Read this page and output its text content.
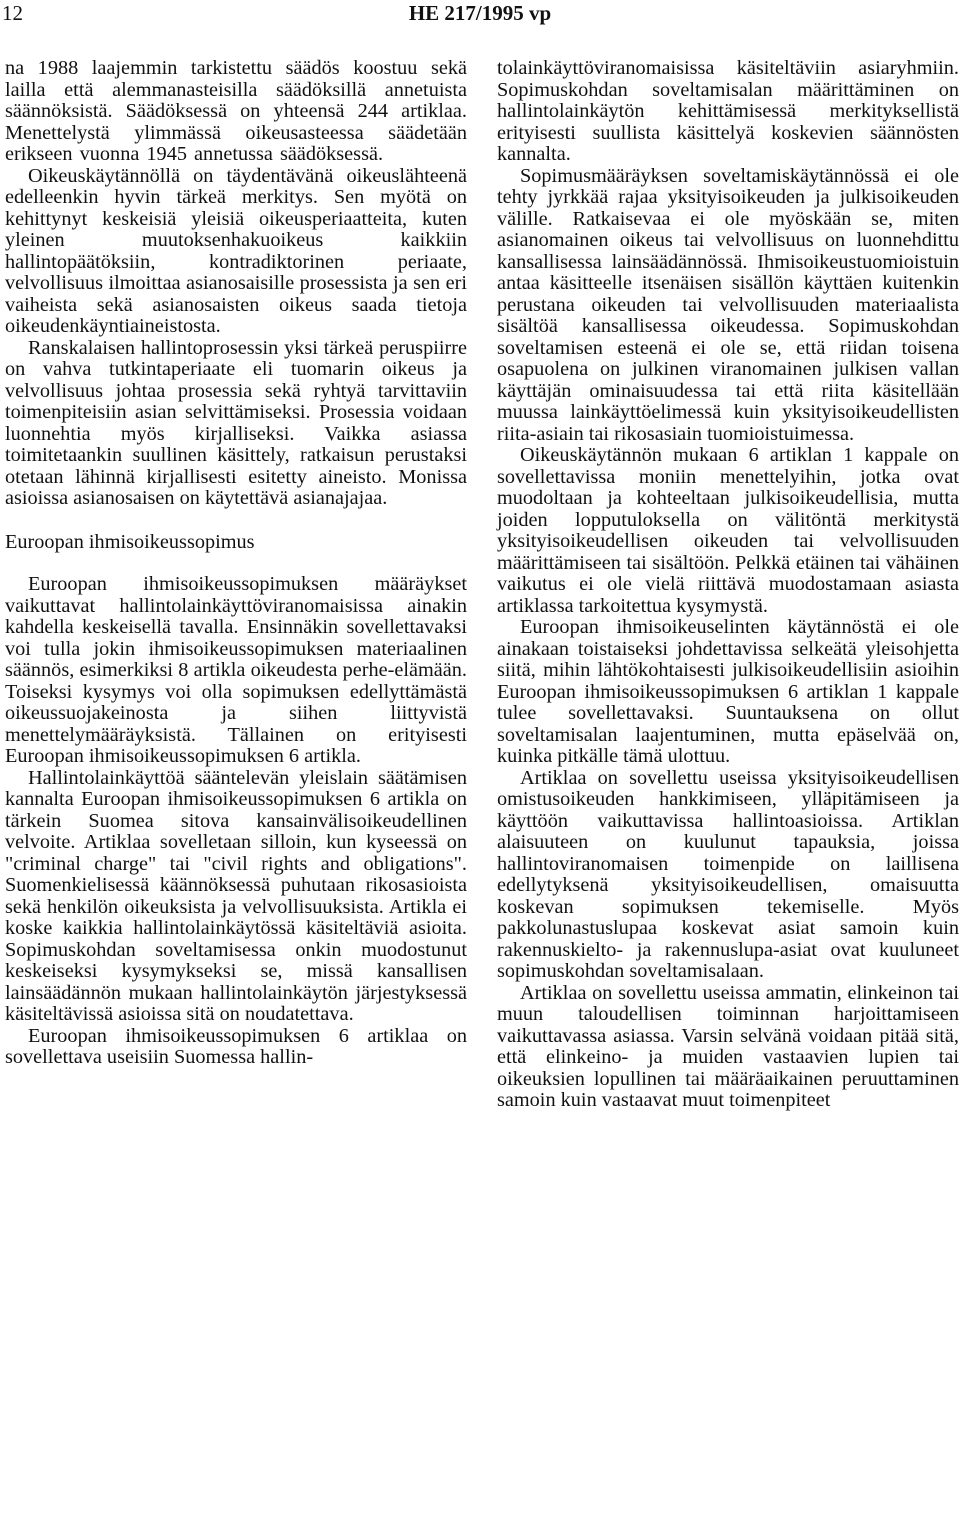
12	HE 217/1995 vp

na 1988 laajemmin tarkistettu säädös koostuu sekä lailla että alemmanasteisilla säädöksillä annetuista säännöksistä. Säädöksessä on yhteensä 244 artiklaa. Menettelystä ylimmässä oikeusasteessa säädetään erikseen vuonna 1945 annetussa säädöksessä.

Oikeuskäytännöllä on täydentävänä oikeuslähteenä edelleenkin hyvin tärkeä merkitys. Sen myötä on kehittynyt keskeisiä yleisiä oikeusperiaatteita, kuten yleinen muutoksenhakuoikeus kaikkiin hallintopäätöksiin, kontradiktorinen periaate, velvollisuus ilmoittaa asianosaisille prosessista ja sen eri vaiheista sekä asianosaisten oikeus saada tietoja oikeudenkäyntiaineistosta.

Ranskalaisen hallintoprosessin yksi tärkeä peruspiirre on vahva tutkintaperiaate eli tuomarin oikeus ja velvollisuus johtaa prosessia sekä ryhtyä tarvittaviin toimenpiteisiin asian selvittämiseksi. Prosessia voidaan luonnehtia myös kirjalliseksi. Vaikka asiassa toimitetaankin suullinen käsittely, ratkaisun perustaksi otetaan lähinnä kirjallisesti esitetty aineisto. Monissa asioissa asianosaisen on käytettävä asianajajaa.

Euroopan ihmisoikeussopimus

Euroopan ihmisoikeussopimuksen määräykset vaikuttavat hallintolainkäyttöviranomaisissa ainakin kahdella keskeisellä tavalla. Ensinnäkin sovellettavaksi voi tulla jokin ihmisoikeussopimuksen materiaalinen säännös, esimerkiksi 8 artikla oikeudesta perhe-elämään. Toiseksi kysymys voi olla sopimuksen edellyttämästä oikeussuojakeinosta ja siihen liittyvistä menettelymääräyksistä. Tällainen on erityisesti Euroopan ihmisoikeussopimuksen 6 artikla.

Hallintolainkäyttöä sääntelevän yleislain säätämisen kannalta Euroopan ihmisoikeussopimuksen 6 artikla on tärkein Suomea sitova kansainvälisoikeudellinen velvoite. Artiklaa sovelletaan silloin, kun kyseessä on "criminal charge" tai "civil rights and obligations". Suomenkielisessä käännöksessä puhutaan rikosasioista sekä henkilön oikeuksista ja velvollisuuksista. Artikla ei koske kaikkia hallintolainkäytössä käsiteltäviä asioita. Sopimuskohdan soveltamisessa onkin muodostunut keskeiseksi kysymykseksi se, missä kansallisen lainsäädännön mukaan hallintolainkäytön järjestyksessä käsiteltävissä asioissa sitä on noudatettava.

Euroopan ihmisoikeussopimuksen 6 artiklaa on sovellettava useisiin Suomessa hallin-

tolainkäyttöviranomaisissa käsiteltäviin asiaryhmiin. Sopimuskohdan soveltamisalan määrittäminen on hallintolainkäytön kehittämisessä merkityksellistä erityisesti suullista käsittelyä koskevien säännösten kannalta.

Sopimusmääräyksen soveltamiskäytännössä ei ole tehty jyrkkää rajaa yksityisoikeuden ja julkisoikeuden välille. Ratkaisevaa ei ole myöskään se, miten asianomainen oikeus tai velvollisuus on luonnehdittu kansallisessa lainsäädännössä. Ihmisoikeustuomioistuin antaa käsitteelle itsenäisen sisällön käyttäen kuitenkin perustana oikeuden tai velvollisuuden materiaalista sisältöä kansallisessa oikeudessa. Sopimuskohdan soveltamisen esteenä ei ole se, että riidan toisena osapuolena on julkinen viranomainen julkisen vallan käyttäjän ominaisuudessa tai että riita käsitellään muussa lainkäyttöelimessä kuin yksityisoikeudellisten riita-asiain tai rikosasiain tuomioistuimessa.

Oikeuskäytännön mukaan 6 artiklan 1 kappale on sovellettavissa moniin menettelyihin, jotka ovat muodoltaan ja kohteeltaan julkisoikeudellisia, mutta joiden lopputuloksella on välitöntä merkitystä yksityisoikeudellisen oikeuden tai velvollisuuden määrittämiseen tai sisältöön. Pelkkä etäinen tai vähäinen vaikutus ei ole vielä riittävä muodostamaan asiasta artiklassa tarkoitettua kysymystä.

Euroopan ihmisoikeuselinten käytännöstä ei ole ainakaan toistaiseksi johdettavissa selkeätä yleisohjetta siitä, mihin lähtökohtaisesti julkisoikeudellisiin asioihin Euroopan ihmisoikeussopimuksen 6 artiklan 1 kappale tulee sovellettavaksi. Suuntauksena on ollut soveltamisalan laajentuminen, mutta epäselvää on, kuinka pitkälle tämä ulottuu.

Artiklaa on sovellettu useissa yksityisoikeudellisen omistusoikeuden hankkimiseen, ylläpitämiseen ja käyttöön vaikuttavissa hallintoasioissa. Artiklan alaisuuteen on kuulunut tapauksia, joissa hallintoviranomaisen toimenpide on laillisena edellytyksenä yksityisoikeudellisen, omaisuutta koskevan sopimuksen tekemiselle. Myös pakkolunastuslupaa koskevat asiat samoin kuin rakennuskielto- ja rakennuslupa-asiat ovat kuuluneet sopimuskohdan soveltamisalaan.

Artiklaa on sovellettu useissa ammatin, elinkeinon tai muun taloudellisen toiminnan harjoittamiseen vaikuttavassa asiassa. Varsin selvänä voidaan pitää sitä, että elinkeino- ja muiden vastaavien lupien tai oikeuksien lopullinen tai määräaikainen peruuttaminen samoin kuin vastaavat muut toimenpiteet
